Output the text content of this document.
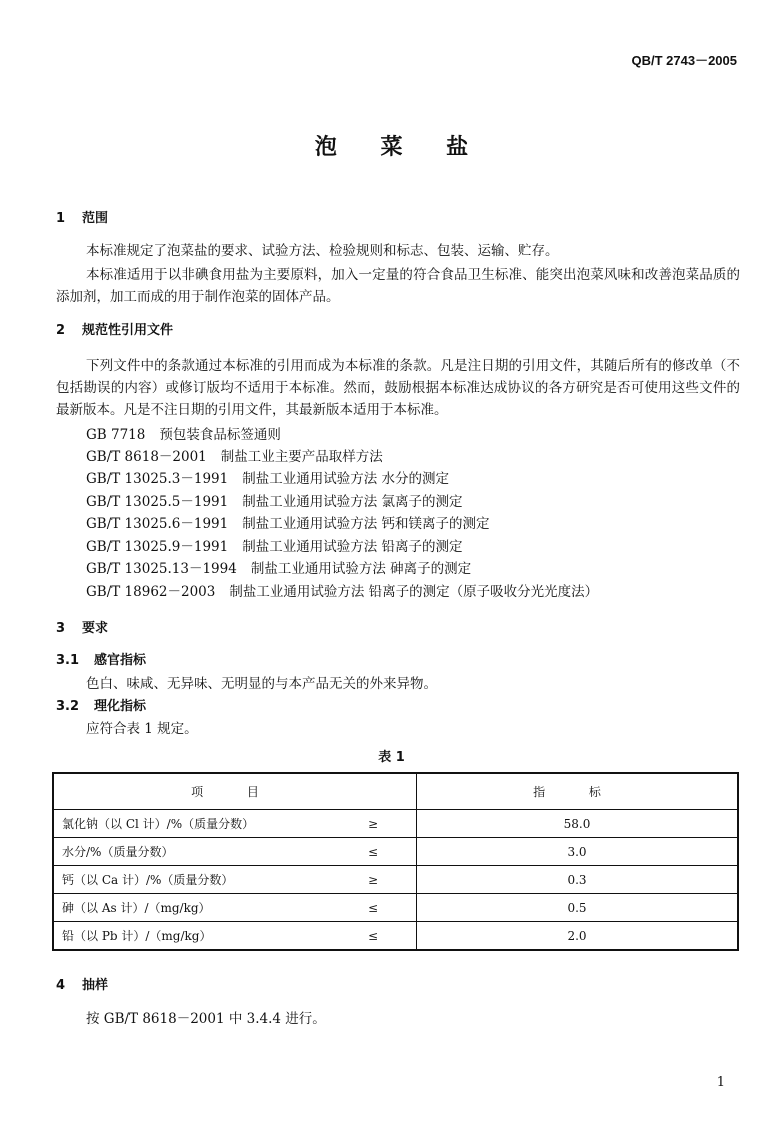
QB/T 2743－2005
泡 菜 盐
1 范围
本标准规定了泡菜盐的要求、试验方法、检验规则和标志、包装、运输、贮存。
本标准适用于以非碘食用盐为主要原料，加入一定量的符合食品卫生标准、能突出泡菜风味和改善泡菜品质的添加剂，加工而成的用于制作泡菜的固体产品。
2 规范性引用文件
下列文件中的条款通过本标准的引用而成为本标准的条款。凡是注日期的引用文件，其随后所有的修改单（不包括勘误的内容）或修订版均不适用于本标准。然而，鼓励根据本标准达成协议的各方研究是否可使用这些文件的最新版本。凡是不注日期的引用文件，其最新版本适用于本标准。
GB 7718 预包装食品标签通则
GB/T 8618－2001 制盐工业主要产品取样方法
GB/T 13025.3－1991 制盐工业通用试验方法 水分的测定
GB/T 13025.5－1991 制盐工业通用试验方法 氯离子的测定
GB/T 13025.6－1991 制盐工业通用试验方法 钙和镁离子的测定
GB/T 13025.9－1991 制盐工业通用试验方法 铅离子的测定
GB/T 13025.13－1994 制盐工业通用试验方法 砷离子的测定
GB/T 18962－2003 制盐工业通用试验方法 铅离子的测定（原子吸收分光光度法）
3 要求
3.1 感官指标
色白、味咸、无异味、无明显的与本产品无关的外来异物。
3.2 理化指标
应符合表 1 规定。
表 1
项 目		指 标
氯化钠（以 Cl 计）/%（质量分数）	≥	58.0
水分/%（质量分数）	≤	3.0
钙（以 Ca 计）/%（质量分数）	≥	0.3
砷（以 As 计）/（mg/kg）	≤	0.5
铅（以 Pb 计）/（mg/kg）	≤	2.0
4 抽样
按 GB/T 8618－2001 中 3.4.4 进行。
1
